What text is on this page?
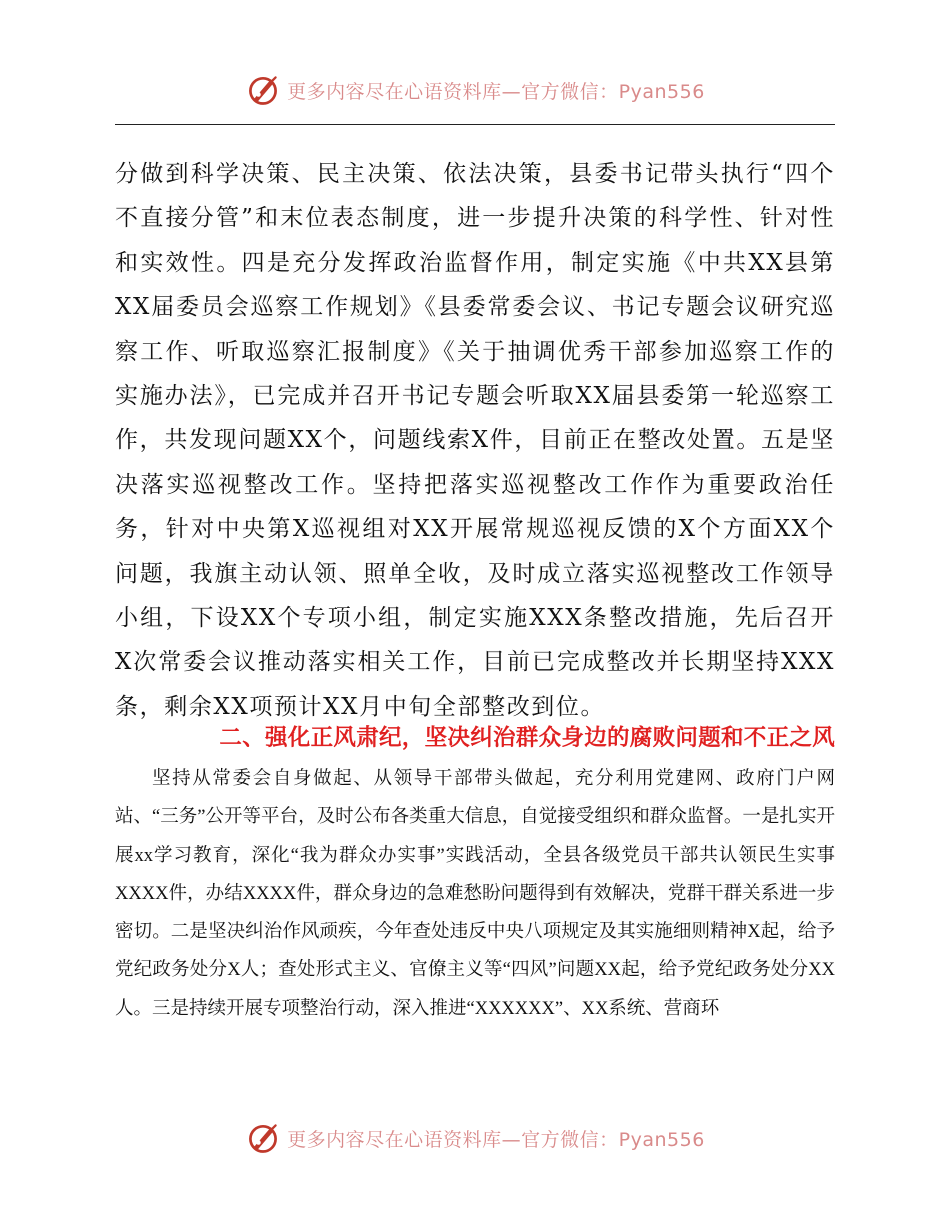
更多内容尽在心语资料库—官方微信：Pyan556

分做到科学决策、民主决策、依法决策，县委书记带头执行“四个不直接分管”和末位表态制度，进一步提升决策的科学性、针对性和实效性。四是充分发挥政治监督作用，制定实施《中共XX县第XX届委员会巡察工作规划》《县委常委会议、书记专题会议研究巡察工作、听取巡察汇报制度》《关于抽调优秀干部参加巡察工作的实施办法》，已完成并召开书记专题会听取XX届县委第一轮巡察工作，共发现问题XX个，问题线索X件，目前正在整改处置。五是坚决落实巡视整改工作。坚持把落实巡视整改工作作为重要政治任务，针对中央第X巡视组对XX开展常规巡视反馈的X个方面XX个问题，我旗主动认领、照单全收，及时成立落实巡视整改工作领导小组，下设XX个专项小组，制定实施XXX条整改措施，先后召开X次常委会议推动落实相关工作，目前已完成整改并长期坚持XXX条，剩余XX项预计XX月中旬全部整改到位。

二、强化正风肃纪，坚决纠治群众身边的腐败问题和不正之风

坚持从常委会自身做起、从领导干部带头做起，充分利用党建网、政府门户网站、“三务”公开等平台，及时公布各类重大信息，自觉接受组织和群众监督。一是扎实开展xx学习教育，深化“我为群众办实事”实践活动，全县各级党员干部共认领民生实事XXXX件，办结XXXX件，群众身边的急难愁盼问题得到有效解决，党群干群关系进一步密切。二是坚决纠治作风顽疾，今年查处违反中央八项规定及其实施细则精神X起，给予党纪政务处分X人；查处形式主义、官僚主义等“四风”问题XX起，给予党纪政务处分XX人。三是持续开展专项整治行动，深入推进“XXXXXX”、XX系统、营商环

更多内容尽在心语资料库—官方微信：Pyan556
